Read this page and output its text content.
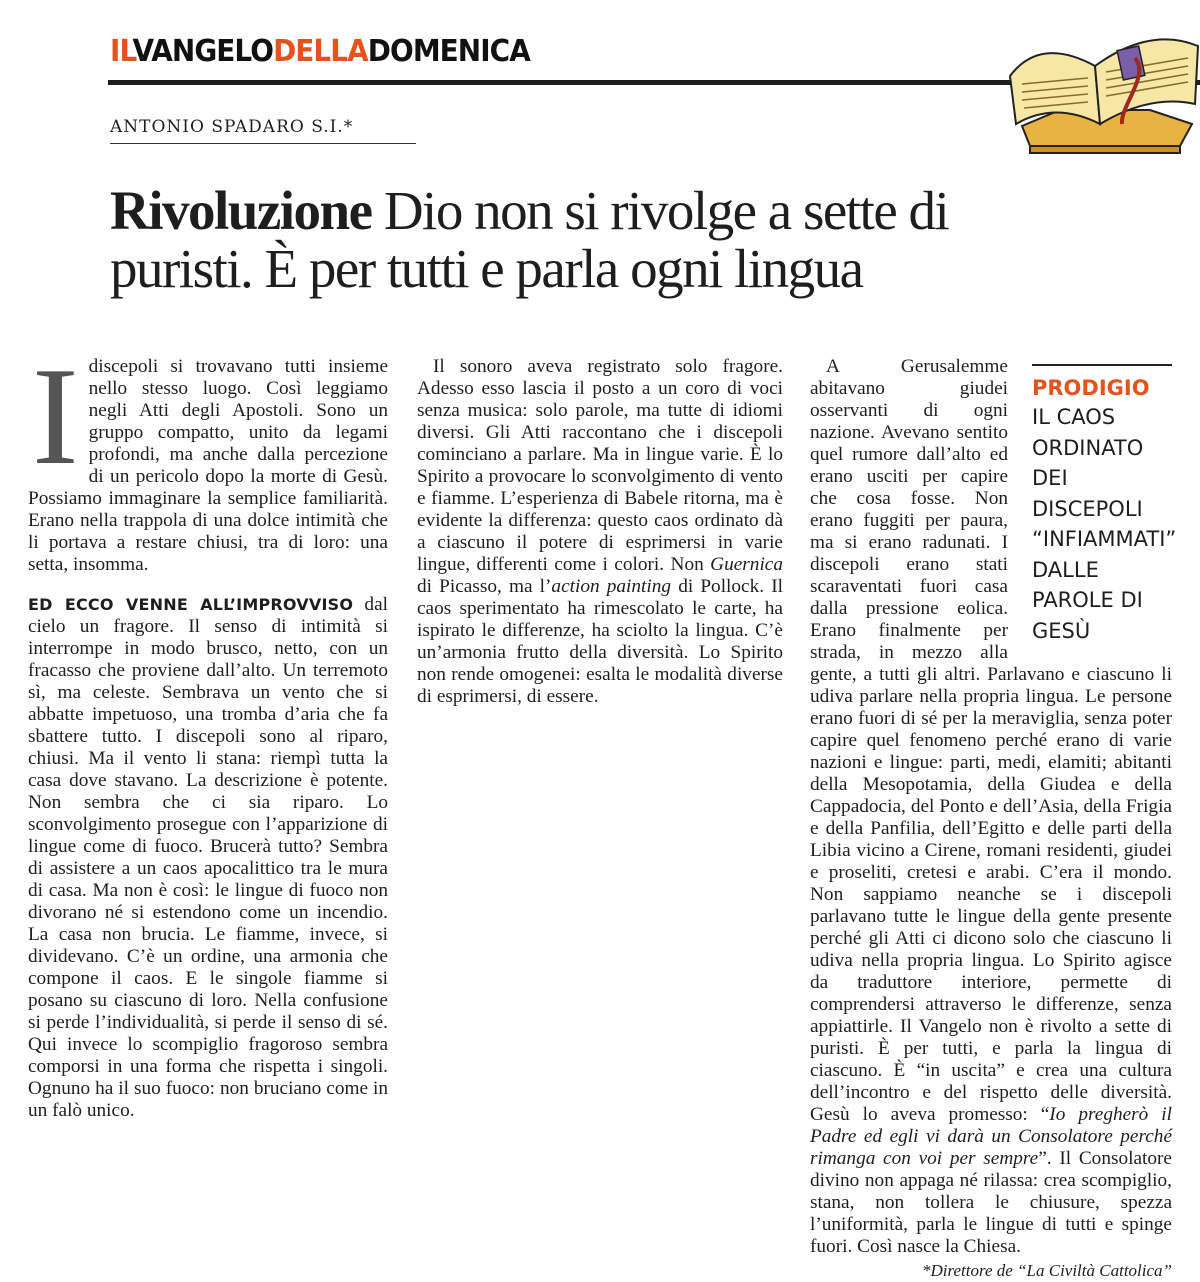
ILVANGELODELLADOMENICA
ANTONIO SPADARO S.I.*
Rivoluzione Dio non si rivolge a sette di puristi. È per tutti e parla ogni lingua

I discepoli si trovavano tutti insieme nello stesso luogo. Così leggiamo negli Atti degli Apostoli. Sono un gruppo compatto, unito da legami profondi, ma anche dalla percezione di un pericolo dopo la morte di Gesù. Possiamo immaginare la semplice familiarità. Erano nella trappola di una dolce intimità che li portava a restare chiusi, tra di loro: una setta, insomma.

ED ECCO VENNE ALL’IMPROVVISO dal cielo un fragore. Il senso di intimità si interrompe in modo brusco, netto, con un fracasso che proviene dall’alto. Un terremoto sì, ma celeste. Sembrava un vento che si abbatte impetuoso, una tromba d’aria che fa sbattere tutto. I discepoli sono al riparo, chiusi. Ma il vento li stana: riempì tutta la casa dove stavano. La descrizione è potente. Non sembra che ci sia riparo. Lo sconvolgimento prosegue con l’apparizione di lingue come di fuoco. Brucerà tutto? Sembra di assistere a un caos apocalittico tra le mura di casa. Ma non è così: le lingue di fuoco non divorano né si estendono come un incendio. La casa non brucia. Le fiamme, invece, si dividevano. C’è un ordine, una armonia che compone il caos. E le singole fiamme si posano su ciascuno di loro. Nella confusione si perde l’individualità, si perde il senso di sé. Qui invece lo scompiglio fragoroso sembra comporsi in una forma che rispetta i singoli. Ognuno ha il suo fuoco: non bruciano come in un falò unico.

Il sonoro aveva registrato solo fragore. Adesso esso lascia il posto a un coro di voci senza musica: solo parole, ma tutte di idiomi diversi. Gli Atti raccontano che i discepoli cominciano a parlare. Ma in lingue varie. È lo Spirito a provocare lo sconvolgimento di vento e fiamme. L’esperienza di Babele ritorna, ma è evidente la differenza: questo caos ordinato dà a ciascuno il potere di esprimersi in varie lingue, differenti come i colori. Non Guernica di Picasso, ma l’action painting di Pollock. Il caos sperimentato ha rimescolato le carte, ha ispirato le differenze, ha sciolto la lingua. C’è un’armonia frutto della diversità. Lo Spirito non rende omogenei: esalta le modalità diverse di esprimersi, di essere.

PRODIGIO
IL CAOS ORDINATO DEI DISCEPOLI “INFIAMMATI” DALLE PAROLE DI GESÙ

A Gerusalemme abitavano giudei osservanti di ogni nazione. Avevano sentito quel rumore dall’alto ed erano usciti per capire che cosa fosse. Non erano fuggiti per paura, ma si erano radunati. I discepoli erano stati scaraventati fuori casa dalla pressione eolica. Erano finalmente per strada, in mezzo alla gente, a tutti gli altri. Parlavano e ciascuno li udiva parlare nella propria lingua. Le persone erano fuori di sé per la meraviglia, senza poter capire quel fenomeno perché erano di varie nazioni e lingue: parti, medi, elamiti; abitanti della Mesopotamia, della Giudea e della Cappadocia, del Ponto e dell’Asia, della Frigia e della Panfilia, dell’Egitto e delle parti della Libia vicino a Cirene, romani residenti, giudei e proseliti, cretesi e arabi. C’era il mondo. Non sappiamo neanche se i discepoli parlavano tutte le lingue della gente presente perché gli Atti ci dicono solo che ciascuno li udiva nella propria lingua. Lo Spirito agisce da traduttore interiore, permette di comprendersi attraverso le differenze, senza appiattirle. Il Vangelo non è rivolto a sette di puristi. È per tutti, e parla la lingua di ciascuno. È “in uscita” e crea una cultura dell’incontro e del rispetto delle diversità. Gesù lo aveva promesso: “Io pregherò il Padre ed egli vi darà un Consolatore perché rimanga con voi per sempre”. Il Consolatore divino non appaga né rilassa: crea scompiglio, stana, non tollera le chiusure, spezza l’uniformità, parla le lingue di tutti e spinge fuori. Così nasce la Chiesa.

*Direttore de “La Civiltà Cattolica”
